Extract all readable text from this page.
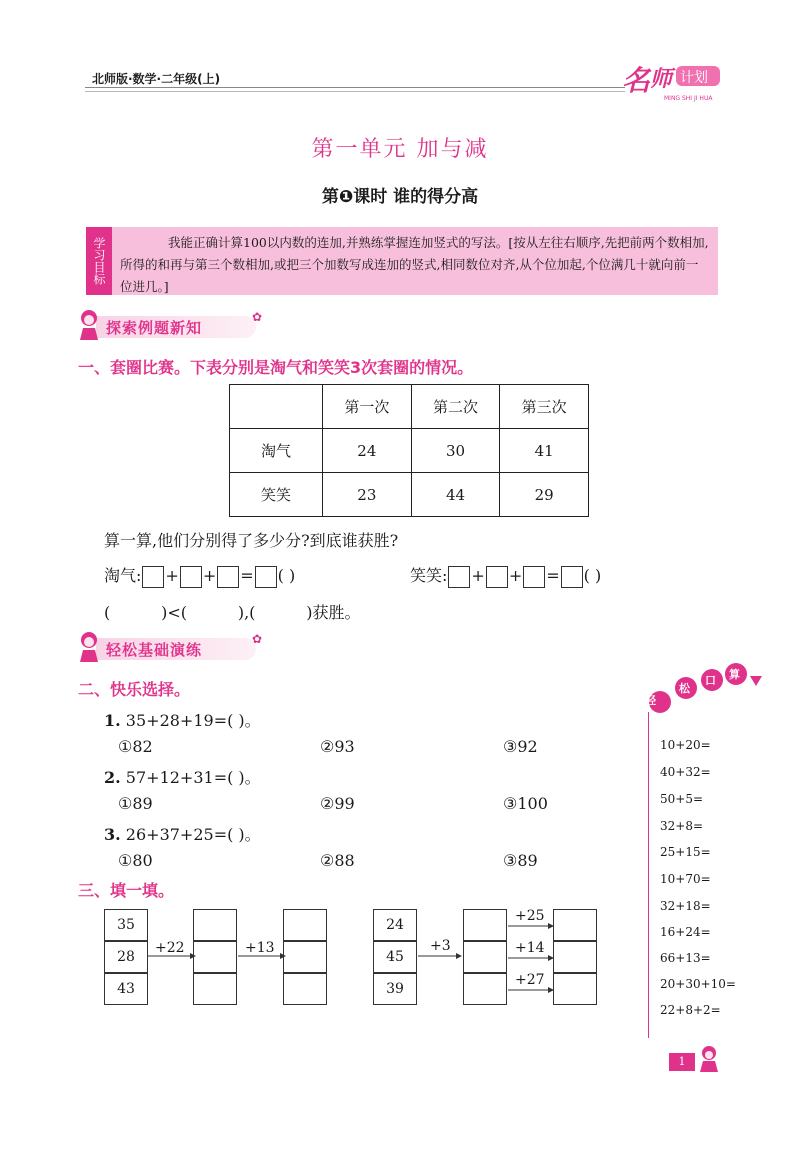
北师版·数学·二年级(上)	名 师 计划
MING SHI JI HUA
第一单元 加与减
第❶课时 谁的得分高
学习目标	我能正确计算100以内数的连加,并熟练掌握连加竖式的写法。[按从左往右顺序,先把前两个数相加,所得的和再与第三个数相加,或把三个加数写成连加的竖式,相同数位对齐,从个位加起,个位满几十就向前一位进几。]
探索例题新知
✿
一、套圈比赛。下表分别是淘气和笑笑3次套圈的情况。
	第一次	第二次	第三次
淘气	24	30	41
笑笑	23	44	29
算一算,他们分别得了多少分?到底谁获胜?
淘气: + + = ( )	笑笑: + + = ( )
(          )<(          ),(          )获胜。
轻松基础演练
✿
二、快乐选择。
1. 35+28+19=( )。
①82	②93	③92
2. 57+12+31=( )。
①89	②99	③100
3. 26+37+25=( )。
①80	②88	③89
三、填一填。
35
28
43
+22	+13
24
45
39
+3
+25
+14
+27
轻
松
口 算
10+20=
40+32=
50+5=
32+8=
25+15=
10+70=
32+18=
16+24=
66+13=
20+30+10=
22+8+2=
1
